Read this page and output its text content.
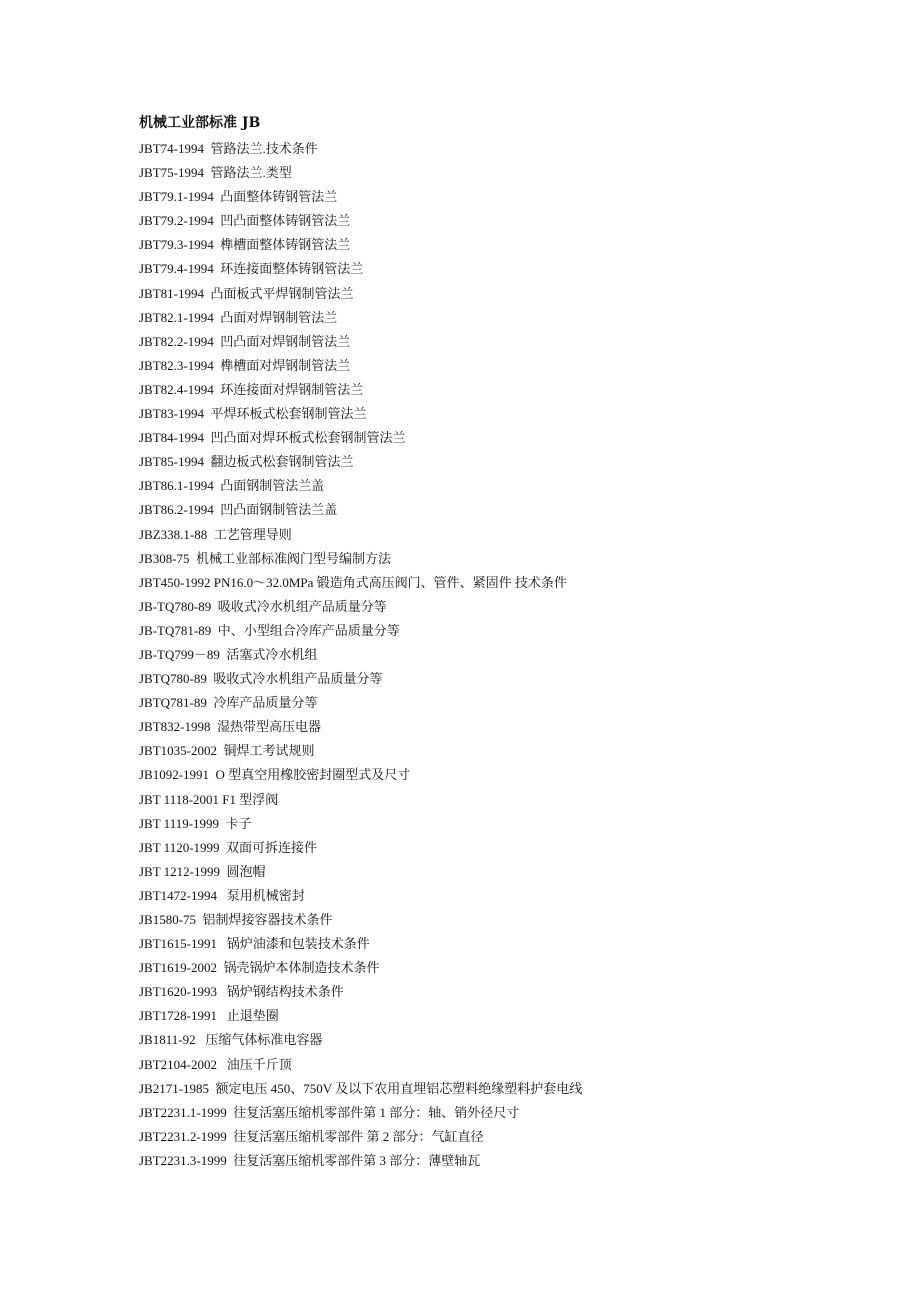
机械工业部标准 JB
JBT74-1994  管路法兰.技术条件
JBT75-1994  管路法兰.类型
JBT79.1-1994  凸面整体铸钢管法兰
JBT79.2-1994  凹凸面整体铸钢管法兰
JBT79.3-1994  榫槽面整体铸钢管法兰
JBT79.4-1994  环连接面整体铸钢管法兰
JBT81-1994  凸面板式平焊钢制管法兰
JBT82.1-1994  凸面对焊钢制管法兰
JBT82.2-1994  凹凸面对焊钢制管法兰
JBT82.3-1994  榫槽面对焊钢制管法兰
JBT82.4-1994  环连接面对焊钢制管法兰
JBT83-1994  平焊环板式松套钢制管法兰
JBT84-1994  凹凸面对焊环板式松套钢制管法兰
JBT85-1994  翻边板式松套钢制管法兰
JBT86.1-1994  凸面钢制管法兰盖
JBT86.2-1994  凹凸面钢制管法兰盖
JBZ338.1-88  工艺管理导则
JB308-75  机械工业部标准阀门型号编制方法
JBT450-1992 PN16.0～32.0MPa 锻造角式高压阀门、管件、紧固件 技术条件
JB-TQ780-89  吸收式冷水机组产品质量分等
JB-TQ781-89  中、小型组合冷库产品质量分等
JB-TQ799－89  活塞式冷水机组
JBTQ780-89  吸收式冷水机组产品质量分等
JBTQ781-89  冷库产品质量分等
JBT832-1998  湿热带型高压电器
JBT1035-2002  铜焊工考试规则
JB1092-1991  O 型真空用橡胶密封圈型式及尺寸
JBT 1118-2001 F1 型浮阀
JBT 1119-1999  卡子
JBT 1120-1999  双面可拆连接件
JBT 1212-1999  圆泡帽
JBT1472-1994   泵用机械密封
JB1580-75  铝制焊接容器技术条件
JBT1615-1991   锅炉油漆和包装技术条件
JBT1619-2002  锅壳锅炉本体制造技术条件
JBT1620-1993   锅炉钢结构技术条件
JBT1728-1991   止退垫圈
JB1811-92   压缩气体标准电容器
JBT2104-2002   油压千斤顶
JB2171-1985  额定电压 450、750V 及以下农用直埋铝芯塑料绝缘塑料护套电线
JBT2231.1-1999  往复活塞压缩机零部件第 1 部分：轴、销外径尺寸
JBT2231.2-1999  往复活塞压缩机零部件 第 2 部分：气缸直径
JBT2231.3-1999  往复活塞压缩机零部件第 3 部分：薄壁轴瓦
